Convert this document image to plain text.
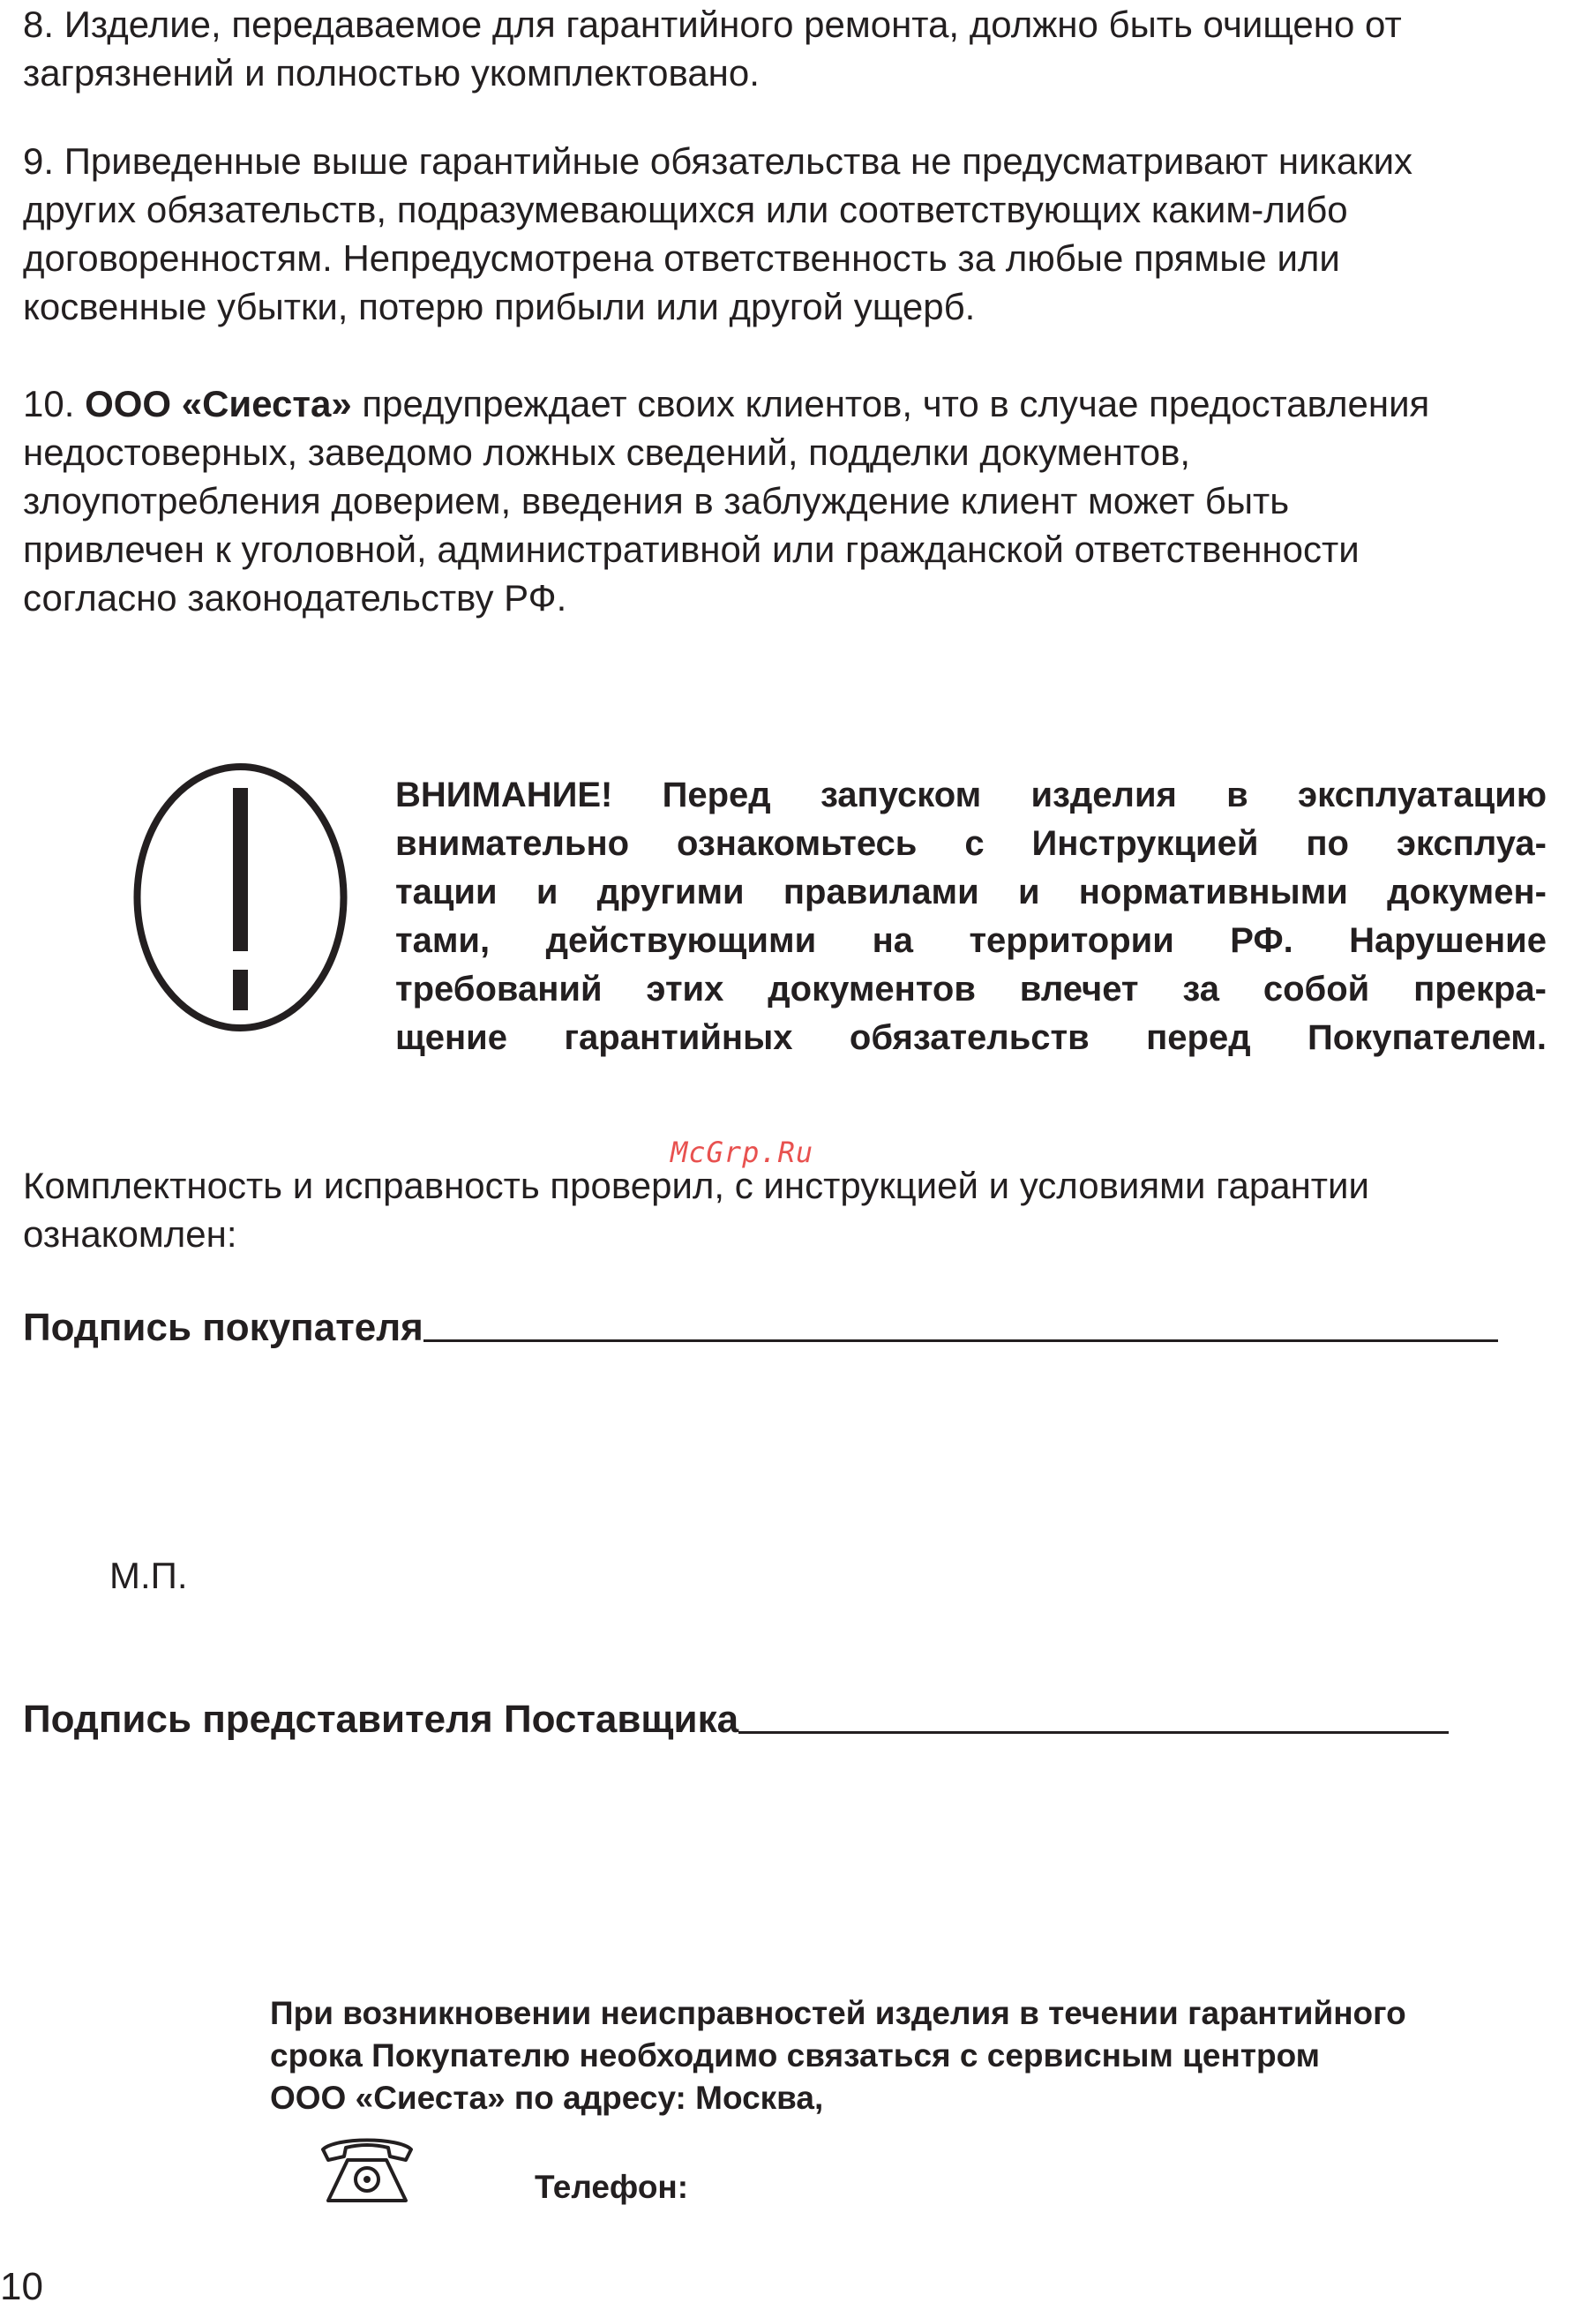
8. Изделие, передаваемое для гарантийного ремонта, должно быть очищено от
загрязнений и полностью укомплектовано.

9. Приведенные выше гарантийные обязательства не предусматривают никаких
других обязательств, подразумевающихся или соответствующих каким-либо
договоренностям. Непредусмотрена ответственность за любые прямые или
косвенные убытки, потерю прибыли или другой ущерб.

10. ООО «Сиеста» предупреждает своих клиентов, что в случае предоставления
недостоверных, заведомо ложных сведений, подделки документов,
злоупотребления доверием, введения в заблуждение клиент может быть
привлечен к уголовной, административной или гражданской ответственности
согласно законодательству РФ.

ВНИМАНИЕ! Перед запуском изделия в эксплуатацию
внимательно ознакомьтесь с Инструкцией по эксплуа-
тации и другими правилами и нормативными докумен-
тами, действующими на территории РФ. Нарушение
требований этих документов влечет за собой прекра-
щение гарантийных обязательств перед Покупателем.
McGrp.Ru

Комплектность и исправность проверил, с инструкцией и условиями гарантии
ознакомлен:

Подпись покупателя
М.П.
Подпись представителя Поставщика

При возникновении неисправностей изделия в течении гарантийного
срока Покупателю необходимо связаться с сервисным центром
ООО «Сиеста» по адресу: Москва,

Телефон:
10
